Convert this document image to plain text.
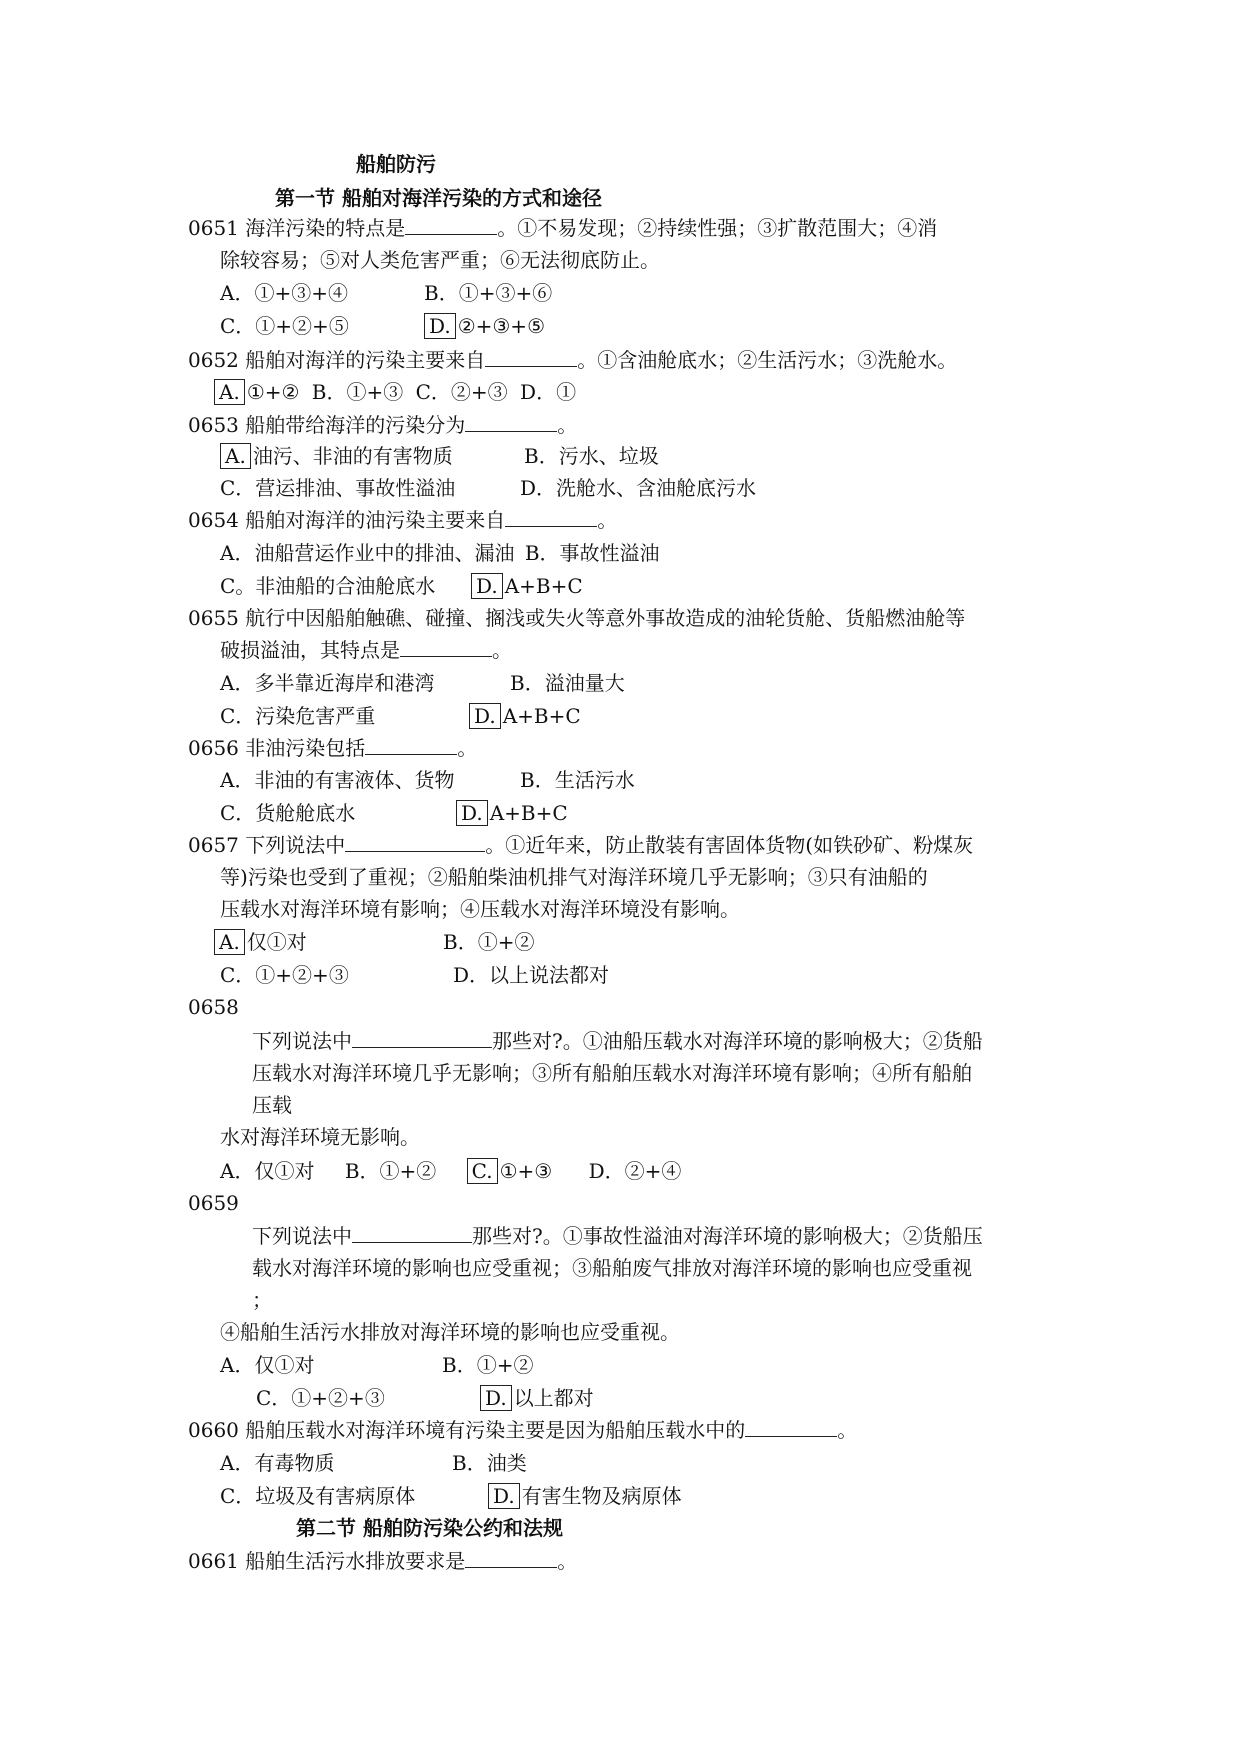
船舶防污
第一节 船舶对海洋污染的方式和途径
0651 海洋污染的特点是	。①不易发现；②持续性强；③扩散范围大；④消
除较容易；⑤对人类危害严重；⑥无法彻底防止。
A．①+③+④	B．①+③+⑥
C．①+②+⑤	D. ②+③+⑤
0652 船舶对海洋的污染主要来自	。①含油舱底水；②生活污水；③洗舱水。
A. ①+② B．①+③ C．②+③ D．①
0653 船舶带给海洋的污染分为	。
A. 油污、非油的有害物质	B．污水、垃圾
C．营运排油、事故性溢油	D．洗舱水、含油舱底污水
0654 船舶对海洋的油污染主要来自	。
A．油船营运作业中的排油、漏油 B．事故性溢油
C。非油船的合油舱底水 D. A+B+C
0655 航行中因船舶触礁、碰撞、搁浅或失火等意外事故造成的油轮货舱、货船燃油舱等
破损溢油，其特点是	。
A．多半靠近海岸和港湾	B．溢油量大
C．污染危害严重	D. A+B+C
0656 非油污染包括	。
A．非油的有害液体、货物	B．生活污水
C．货舱舱底水	D. A+B+C
0657 下列说法中	。①近年来，防止散装有害固体货物(如铁砂矿、粉煤灰
等)污染也受到了重视；②船舶柴油机排气对海洋环境几乎无影响；③只有油船的
压载水对海洋环境有影响；④压载水对海洋环境没有影响。
A. 仅①对	B．①+②
C．①+②+③	D．以上说法都对
0658
下列说法中	那些对?。①油船压载水对海洋环境的影响极大；②货船
压载水对海洋环境几乎无影响；③所有船舶压载水对海洋环境有影响；④所有船舶
压载
水对海洋环境无影响。
A．仅①对 B．①+② C. ①+③ D．②+④
0659
下列说法中	那些对?。①事故性溢油对海洋环境的影响极大；②货船压
载水对海洋环境的影响也应受重视；③船舶废气排放对海洋环境的影响也应受重视
；
④船舶生活污水排放对海洋环境的影响也应受重视。
A．仅①对	B．①+②
C．①+②+③	D. 以上都对
0660 船舶压载水对海洋环境有污染主要是因为船舶压载水中的	。
A．有毒物质	B．油类
C．垃圾及有害病原体	D. 有害生物及病原体
第二节 船舶防污染公约和法规
0661 船舶生活污水排放要求是	。
